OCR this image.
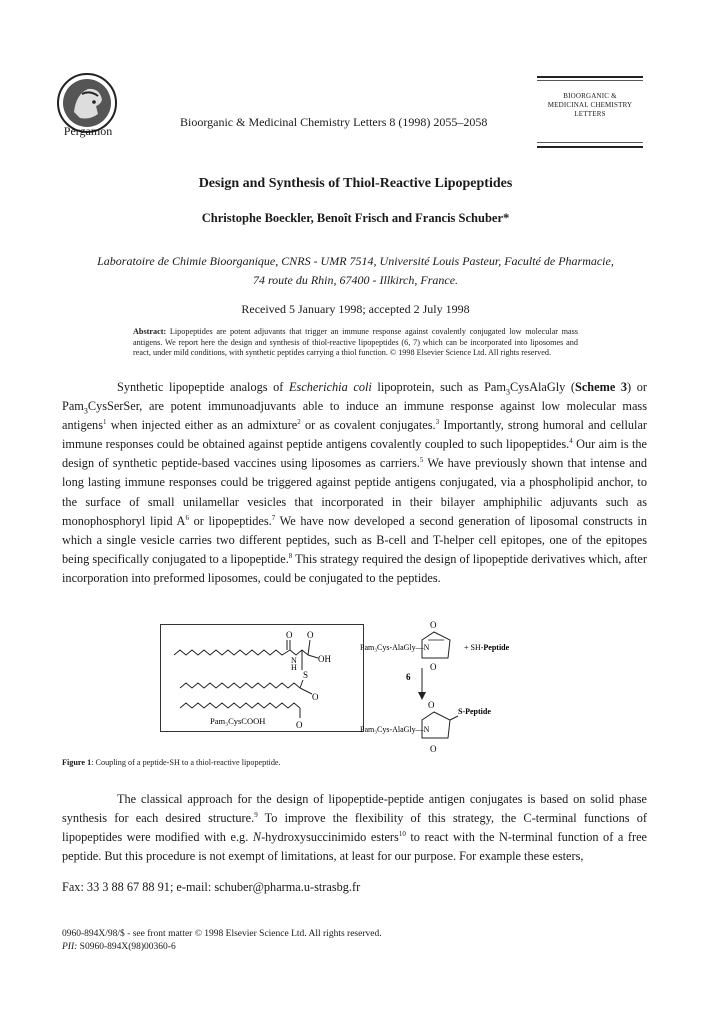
Pergamon
Bioorganic & Medicinal Chemistry Letters 8 (1998) 2055–2058
BIOORGANIC &
MEDICINAL CHEMISTRY
LETTERS
Design and Synthesis of Thiol-Reactive Lipopeptides
Christophe Boeckler, Benoît Frisch and Francis Schuber*
Laboratoire de Chimie Bioorganique, CNRS - UMR 7514, Université Louis Pasteur, Faculté de Pharmacie,
74 route du Rhin, 67400 - Illkirch, France.
Received 5 January 1998; accepted 2 July 1998
Abstract: Lipopeptides are potent adjuvants that trigger an immune response against covalently conjugated low molecular mass antigens. We report here the design and synthesis of thiol-reactive lipopeptides (6, 7) which can be incorporated into liposomes and react, under mild conditions, with synthetic peptides carrying a thiol function. © 1998 Elsevier Science Ltd. All rights reserved.
Synthetic lipopeptide analogs of Escherichia coli lipoprotein, such as Pam$_3$CysAlaGly (Scheme 3) or Pam$_3$CysSerSer, are potent immunoadjuvants able to induce an immune response against low molecular mass antigens$^1$ when injected either as an admixture$^2$ or as covalent conjugates.$^3$ Importantly, strong humoral and cellular immune responses could be obtained against peptide antigens covalently coupled to such lipopeptides.$^4$ Our aim is the design of synthetic peptide-based vaccines using liposomes as carriers.$^5$ We have previously shown that intense and long lasting immune responses could be triggered against peptide antigens conjugated, via a phospholipid anchor, to the surface of small unilamellar vesicles that incorporated in their bilayer amphiphilic adjuvants such as monophosphoryl lipid $A^6$ or lipopeptides.$^7$ We have now developed a second generation of liposomal constructs in which a single vesicle carries two different peptides, such as B-cell and T-helper cell epitopes, one of the epitopes being specifically conjugated to a lipopeptide.$^8$ This strategy required the design of lipopeptide derivatives which, after incorporation into preformed liposomes, could be conjugated to the peptides.
O
N
H
O
OH
S
O
O
Pam₃CysCOOH
O
Pam₃Cys-AlaGly—N
O
+ SH-Peptide
6
O
S-Peptide
Pam₃Cys-AlaGly—N
O
Figure 1: Coupling of a peptide-SH to a thiol-reactive lipopeptide.
The classical approach for the design of lipopeptide-peptide antigen conjugates is based on solid phase synthesis for each desired structure.$^9$ To improve the flexibility of this strategy, the C-terminal functions of lipopeptides were modified with e.g. N-hydroxysuccinimido esters$^{10}$ to react with the N-terminal function of a free peptide. But this procedure is not exempt of limitations, at least for our purpose. For example these esters,
Fax: 33 3 88 67 88 91; e-mail: schuber@pharma.u-strasbg.fr
0960-894X/98/$ - see front matter © 1998 Elsevier Science Ltd. All rights reserved.
PII: S0960-894X(98)00360-6
